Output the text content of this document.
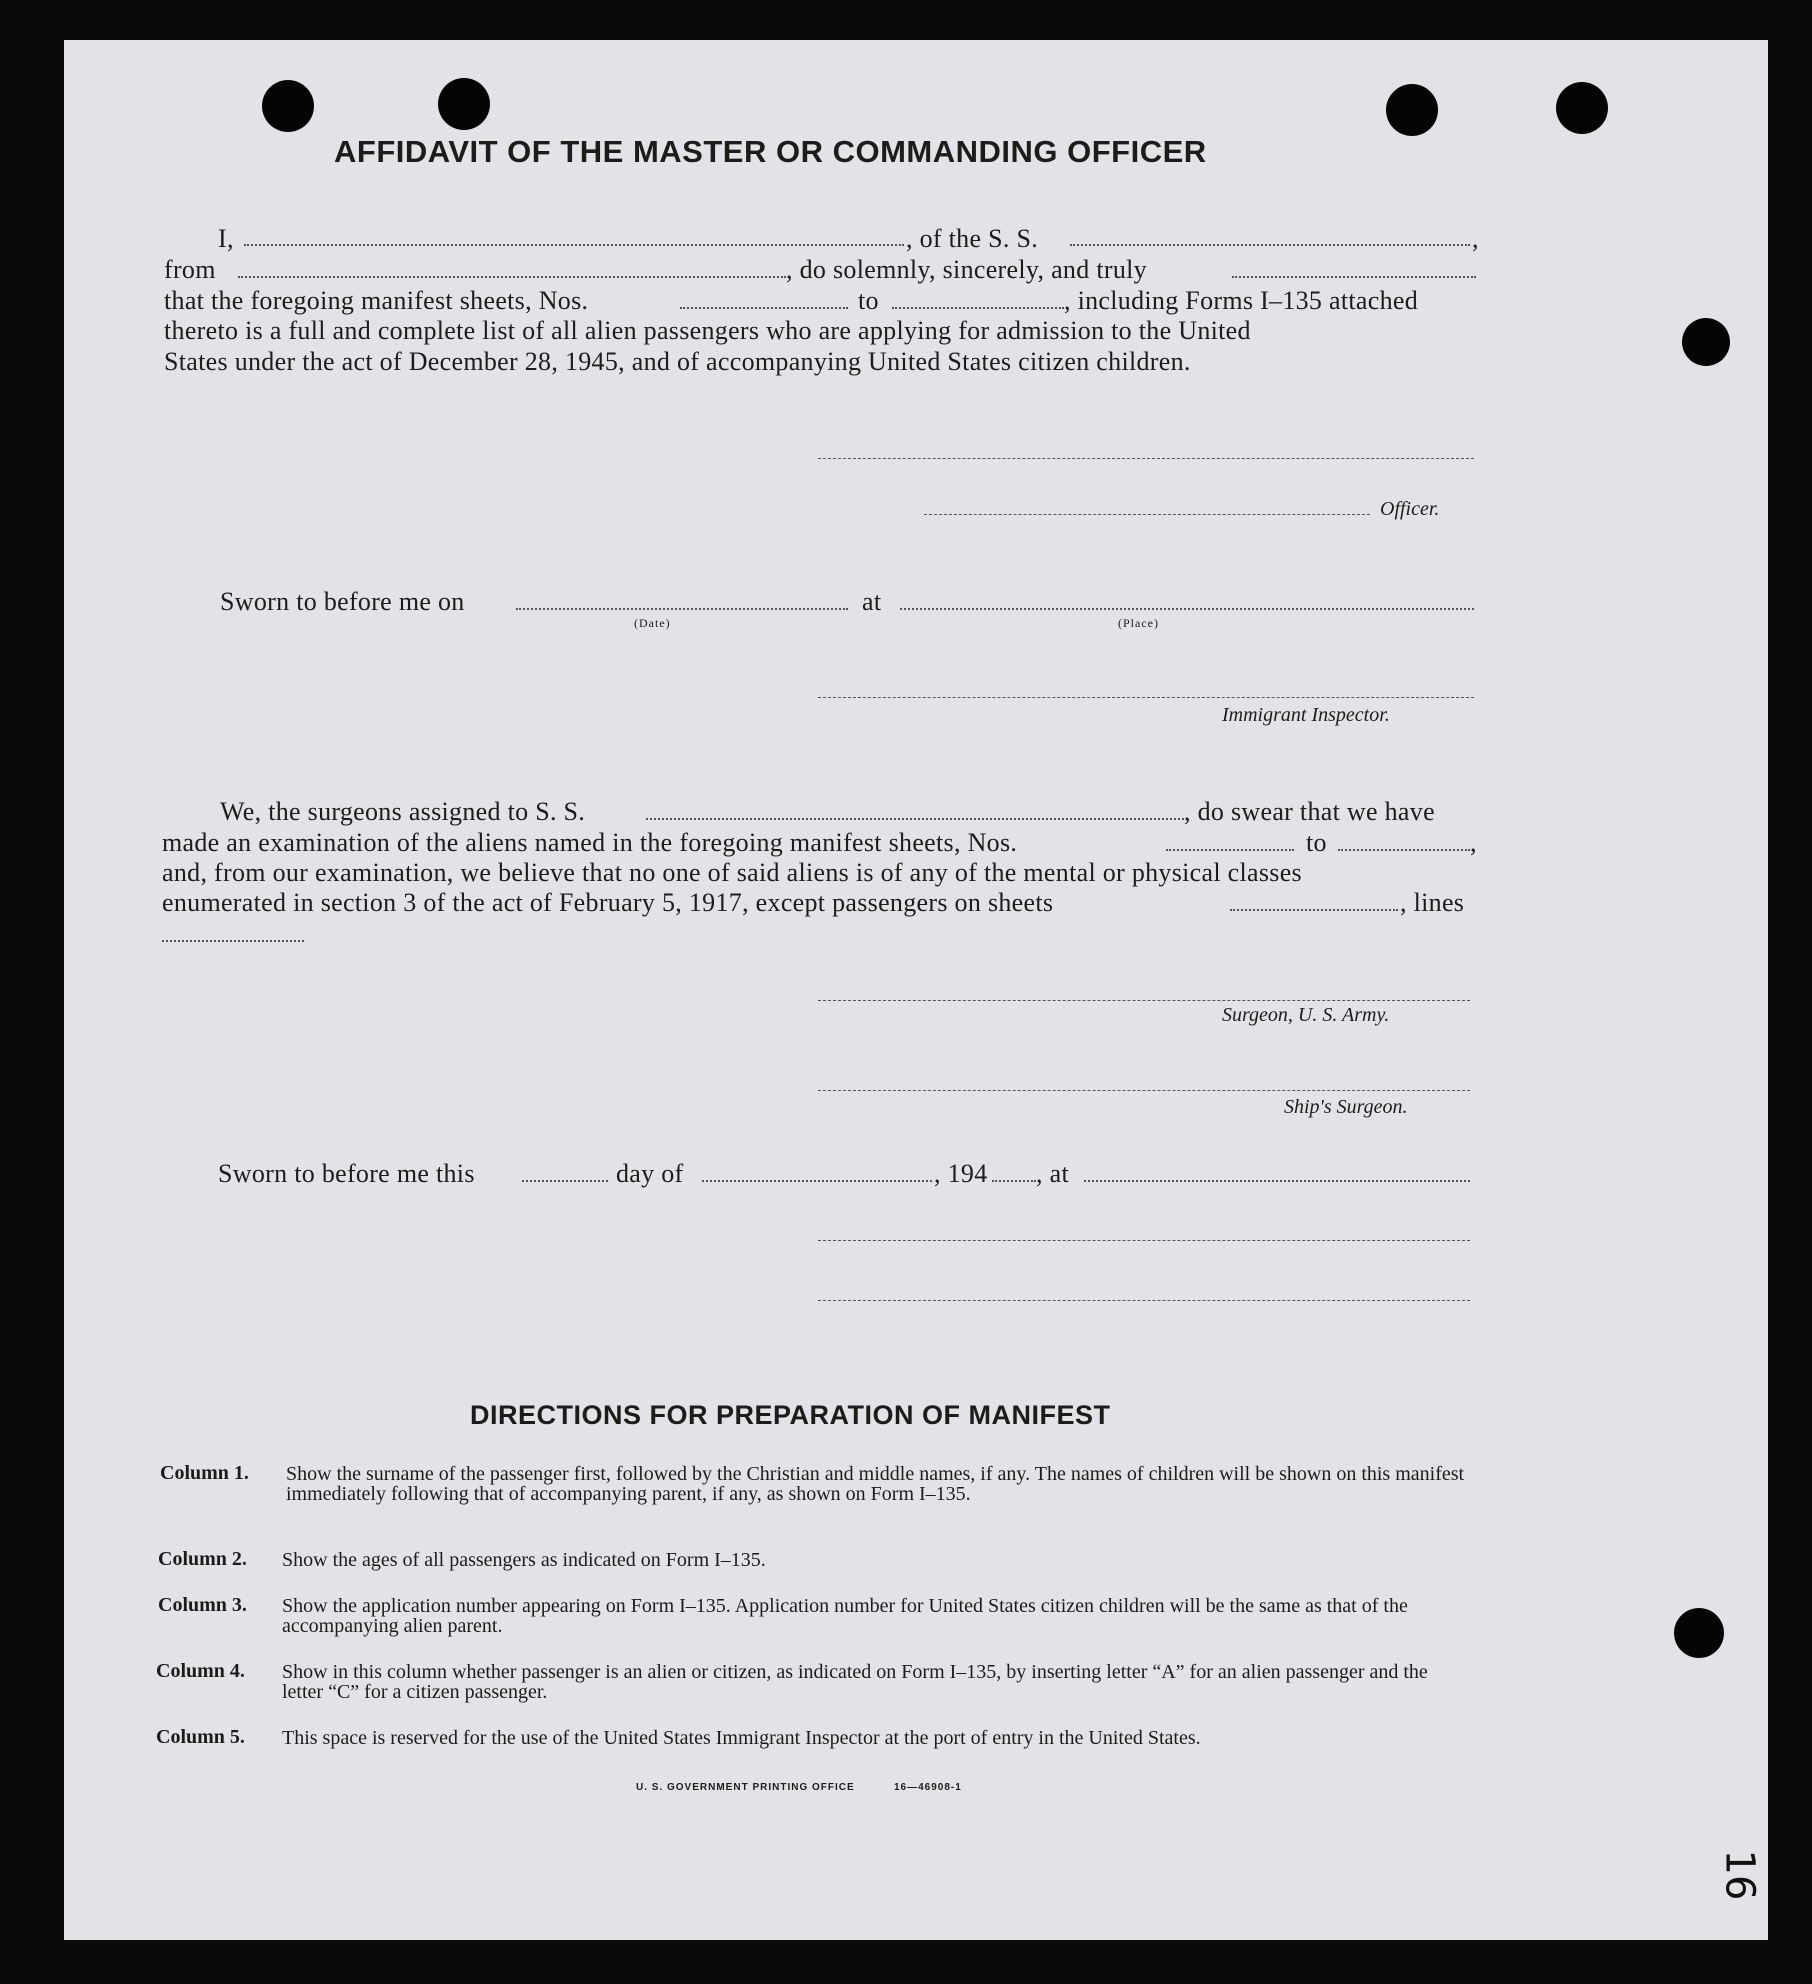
AFFIDAVIT OF THE MASTER OR COMMANDING OFFICER
I,	, of the S. S.	,
from	, do solemnly, sincerely, and truly
that the foregoing manifest sheets, Nos.	to	, including Forms I–135 attached
thereto is a full and complete list of all alien passengers who are applying for admission to the United
States under the act of December 28, 1945, and of accompanying United States citizen children.
Officer.
Sworn to before me on
(Date)
at
(Place)
Immigrant Inspector.
We, the surgeons assigned to S. S.	, do swear that we have
made an examination of the aliens named in the foregoing manifest sheets, Nos.	to	,
and, from our examination, we believe that no one of said aliens is of any of the mental or physical classes
enumerated in section 3 of the act of February 5, 1917, except passengers on sheets	, lines
Surgeon, U. S. Army.
Ship's Surgeon.
Sworn to before me this	day of	, 194 , at
DIRECTIONS FOR PREPARATION OF MANIFEST
Column 1. Show the surname of the passenger first, followed by the Christian and middle names, if any. The names of children will be shown on this manifest immediately following that of accompanying parent, if any, as shown on Form I–135.
Column 2. Show the ages of all passengers as indicated on Form I–135.
Column 3. Show the application number appearing on Form I–135. Application number for United States citizen children will be the same as that of the accompanying alien parent.
Column 4. Show in this column whether passenger is an alien or citizen, as indicated on Form I–135, by inserting letter “A” for an alien passenger and the letter “C” for a citizen passenger.
Column 5. This space is reserved for the use of the United States Immigrant Inspector at the port of entry in the United States.
U. S. GOVERNMENT PRINTING OFFICE	16—46908-1
16
